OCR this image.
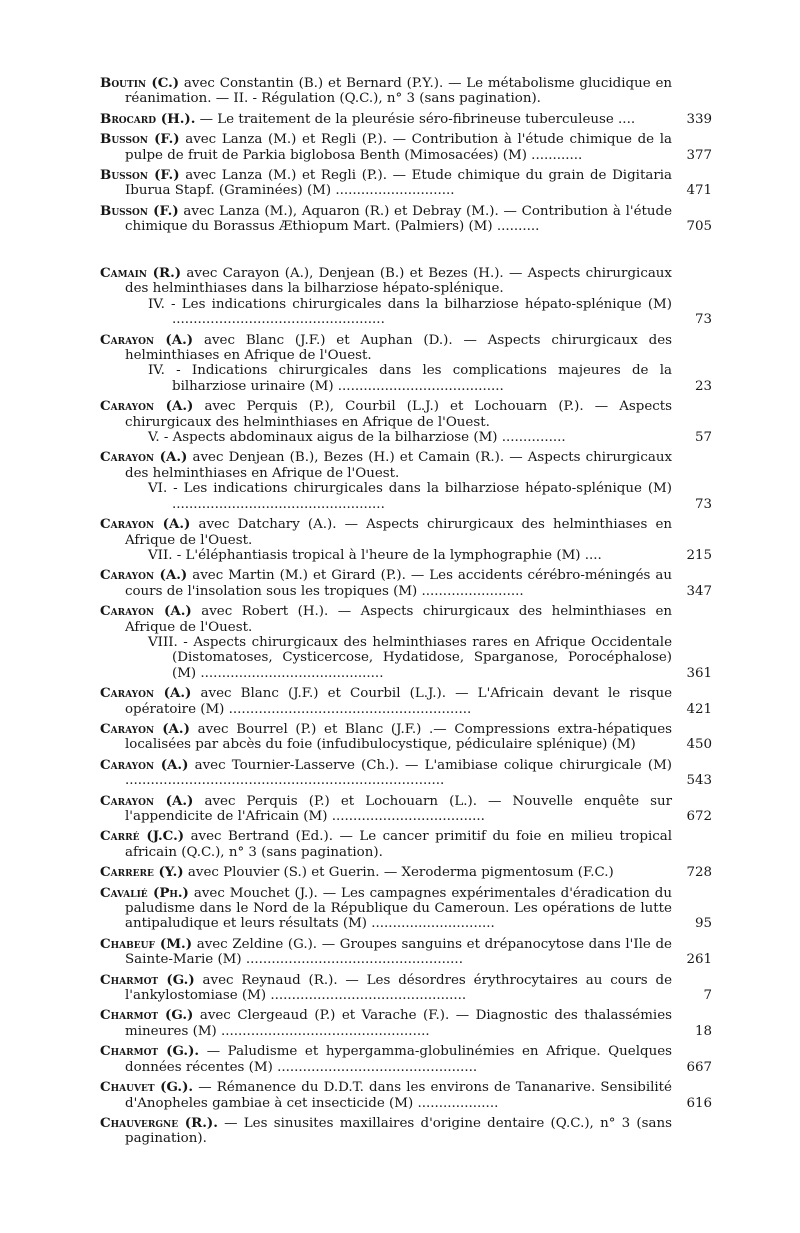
Boutin (C.) avec Constantin (B.) et Bernard (P.Y.). — Le métabolisme glucidique en réanimation. — II. - Régulation (Q.C.), n° 3 (sans pagination).
Brocard (H.). — Le traitement de la pleurésie séro-fibrineuse tuberculeuse ....	339
Busson (F.) avec Lanza (M.) et Regli (P.). — Contribution à l'étude chimique de la pulpe de fruit de Parkia biglobosa Benth (Mimosacées) (M) ............	377
Busson (F.) avec Lanza (M.) et Regli (P.). — Etude chimique du grain de Digitaria Iburua Stapf. (Graminées) (M) ............................	471
Busson (F.) avec Lanza (M.), Aquaron (R.) et Debray (M.). — Contribution à l'étude chimique du Borassus Æthiopum Mart. (Palmiers) (M) ..........	705
Camain (R.) avec Carayon (A.), Denjean (B.) et Bezes (H.). — Aspects chirurgicaux des helminthiases dans la bilharziose hépato-splénique.
IV. - Les indications chirurgicales dans la bilharziose hépato-splénique (M) ..................................................	73
Carayon (A.) avec Blanc (J.F.) et Auphan (D.). — Aspects chirurgicaux des helminthiases en Afrique de l'Ouest.
IV. - Indications chirurgicales dans les complications majeures de la bilharziose urinaire (M) .......................................	23
Carayon (A.) avec Perquis (P.), Courbil (L.J.) et Lochouarn (P.). — Aspects chirurgicaux des helminthiases en Afrique de l'Ouest.
V. - Aspects abdominaux aigus de la bilharziose (M) ...............	57
Carayon (A.) avec Denjean (B.), Bezes (H.) et Camain (R.). — Aspects chirurgicaux des helminthiases en Afrique de l'Ouest.
VI. - Les indications chirurgicales dans la bilharziose hépato-splénique (M) ..................................................	73
Carayon (A.) avec Datchary (A.). — Aspects chirurgicaux des helminthiases en Afrique de l'Ouest.
VII. - L'éléphantiasis tropical à l'heure de la lymphographie (M) ....	215
Carayon (A.) avec Martin (M.) et Girard (P.). — Les accidents cérébro-méningés au cours de l'insolation sous les tropiques (M) ........................	347
Carayon (A.) avec Robert (H.). — Aspects chirurgicaux des helminthiases en Afrique de l'Ouest.
VIII. - Aspects chirurgicaux des helminthiases rares en Afrique Occidentale (Distomatoses, Cysticercose, Hydatidose, Sparganose, Porocéphalose) (M) ...........................................	361
Carayon (A.) avec Blanc (J.F.) et Courbil (L.J.). — L'Africain devant le risque opératoire (M) .........................................................	421
Carayon (A.) avec Bourrel (P.) et Blanc (J.F.) .— Compressions extra-hépatiques localisées par abcès du foie (infudibulocystique, pédiculaire splénique) (M)	450
Carayon (A.) avec Tournier-Lasserve (Ch.). — L'amibiase colique chirurgicale (M) ...........................................................................	543
Carayon (A.) avec Perquis (P.) et Lochouarn (L.). — Nouvelle enquête sur l'appendicite de l'Africain (M) ....................................	672
Carré (J.C.) avec Bertrand (Ed.). — Le cancer primitif du foie en milieu tropical africain (Q.C.), n° 3 (sans pagination).
Carrere (Y.) avec Plouvier (S.) et Guerin. — Xeroderma pigmentosum (F.C.)	728
Cavalié (Ph.) avec Mouchet (J.). — Les campagnes expérimentales d'éradication du paludisme dans le Nord de la République du Cameroun. Les opérations de lutte antipaludique et leurs résultats (M) .............................	95
Chabeuf (M.) avec Zeldine (G.). — Groupes sanguins et drépanocytose dans l'Ile de Sainte-Marie (M) ...................................................	261
Charmot (G.) avec Reynaud (R.). — Les désordres érythrocytaires au cours de l'ankylostomiase (M) ..............................................	7
Charmot (G.) avec Clergeaud (P.) et Varache (F.). — Diagnostic des thalassémies mineures (M) .................................................	18
Charmot (G.). — Paludisme et hypergamma-globulinémies en Afrique. Quelques données récentes (M) ...............................................	667
Chauvet (G.). — Rémanence du D.D.T. dans les environs de Tananarive. Sensibilité d'Anopheles gambiae à cet insecticide (M) ...................	616
Chauvergne (R.). — Les sinusites maxillaires d'origine dentaire (Q.C.), n° 3 (sans pagination).
